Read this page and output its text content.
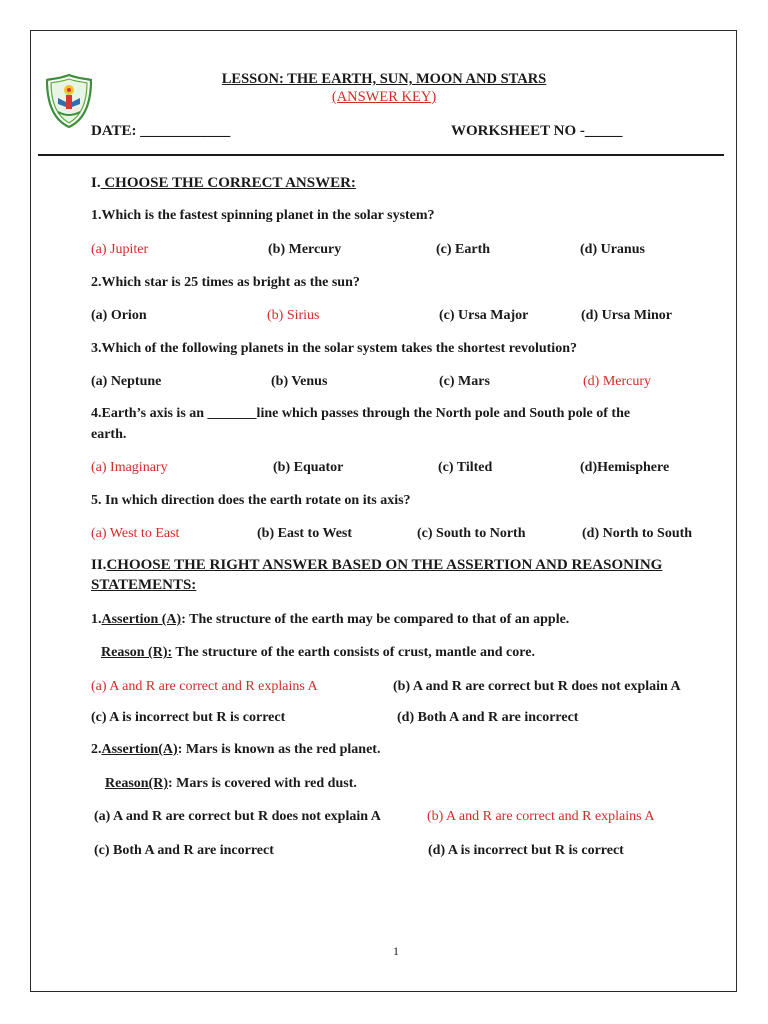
LESSON: THE EARTH, SUN, MOON AND STARS
(ANSWER KEY)
DATE: ____________	WORKSHEET NO -_____
I. CHOOSE THE CORRECT ANSWER:
1.Which is the fastest spinning planet in the solar system?
(a) Jupiter	(b) Mercury	(c) Earth	(d) Uranus
2.Which star is 25 times as bright as the sun?
(a) Orion	(b) Sirius	(c) Ursa Major	(d) Ursa Minor
3.Which of the following planets in the solar system takes the shortest revolution?
(a) Neptune	(b) Venus	(c) Mars	(d) Mercury
4.Earth’s axis is an _______line which passes through the North pole and South pole of the
earth.
(a) Imaginary	(b) Equator	(c) Tilted	(d)Hemisphere
5. In which direction does the earth rotate on its axis?
(a) West to East	(b) East to West	(c) South to North	(d) North to South
II.CHOOSE THE RIGHT ANSWER BASED ON THE ASSERTION AND REASONING
STATEMENTS:
1.Assertion (A): The structure of the earth may be compared to that of an apple.
Reason (R): The structure of the earth consists of crust, mantle and core.
(a) A and R are correct and R explains A	(b) A and R are correct but R does not explain A
(c) A is incorrect but R is correct	(d) Both A and R are incorrect
2.Assertion(A): Mars is known as the red planet.
Reason(R): Mars is covered with red dust.
(a) A and R are correct but R does not explain A	(b) A and R are correct and R explains A
(c) Both A and R are incorrect	(d) A is incorrect but R is correct
1
